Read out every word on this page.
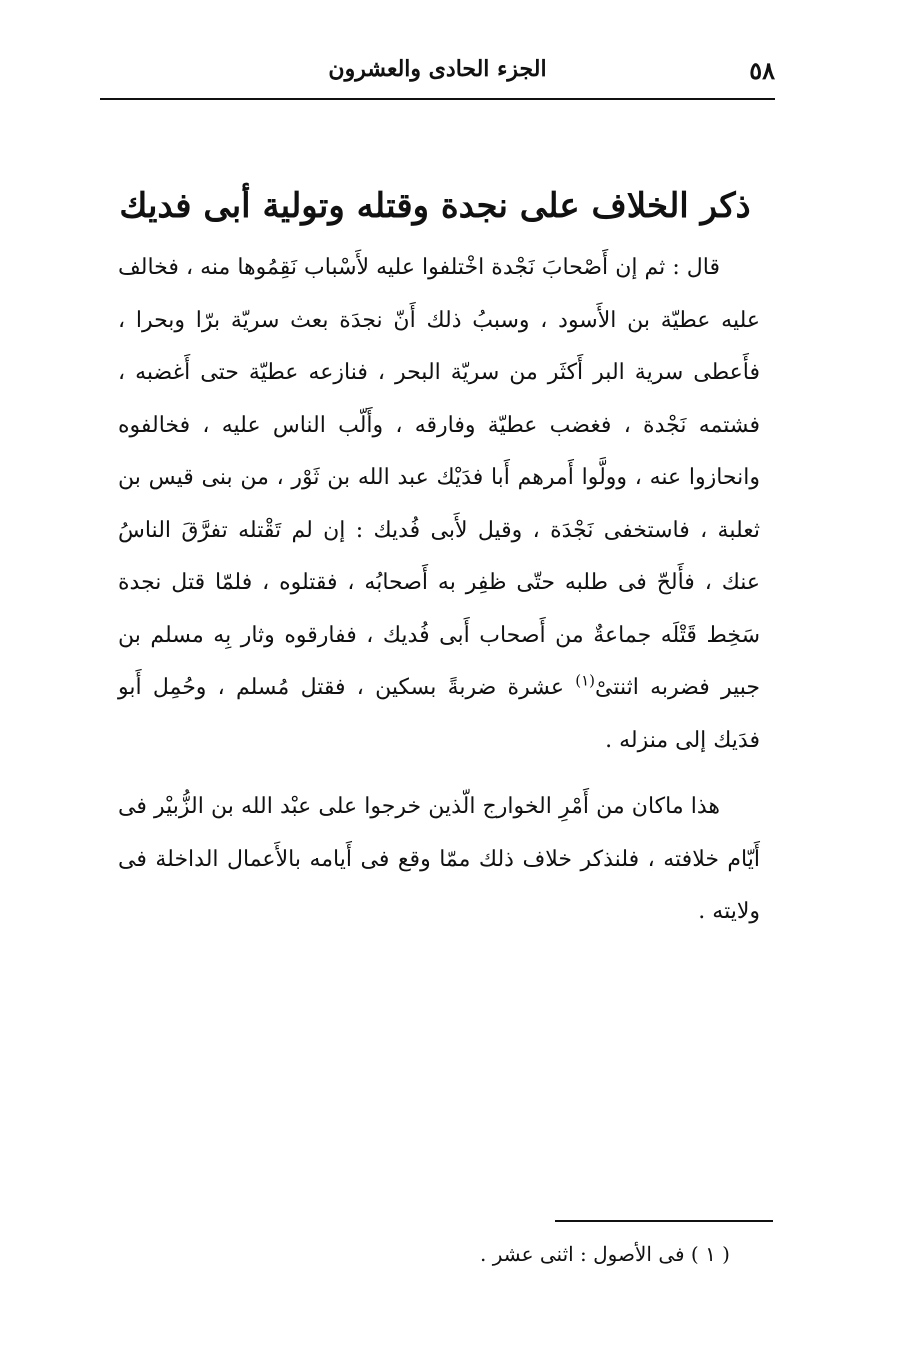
٥٨
الجزء الحادى والعشرون
ذكر الخلاف على نجدة وقتله وتولية أبى فديك

قال : ثم إن أَصْحابَ نَجْدة اخْتلفوا عليه لأَسْباب نَقِمُوها منه ، فخالف عليه عطيّة بن الأَسود ، وسببُ ذلك أَنّ نجدَة بعث سريّة برّا وبحرا ، فأَعطى سرية البر أَكثَر من سريّة البحر ، فنازعه عطيّة حتى أَغضبه ، فشتمه نَجْدة ، فغضب عطيّة وفارقه ، وأَلّب الناس عليه ، فخالفوه وانحازوا عنه ، وولَّوا أَمرهم أَبا فدَيْك عبد الله بن ثَوْر ، من بنى قيس بن ثعلبة ، فاستخفى نَجْدَة ، وقيل لأَبى فُديك : إن لم تَقْتله تفرَّقَ الناسُ عنك ، فأَلحّ فى طلبه حتّى ظفِر به أَصحابُه ، فقتلوه ، فلمّا قتل نجدة سَخِط قَتْلَه جماعةٌ من أَصحاب أَبى فُديك ، ففارقوه وثار بِه مسلم بن جبير فضربه اثنتىْ$^{(١)}$ عشرة ضربةً بسكين ، فقتل مُسلم ، وحُمِل أَبو فدَيك إلى منزله .

هذا ماكان من أَمْرِ الخوارج الّذين خرجوا على عبْد الله بن الزُّبيْر فى أَيّام خلافته ، فلنذكر خلاف ذلك ممّا وقع فى أَيامه بالأَعمال الداخلة فى ولايته .

( ١ ) فى الأصول : اثنى عشر .
